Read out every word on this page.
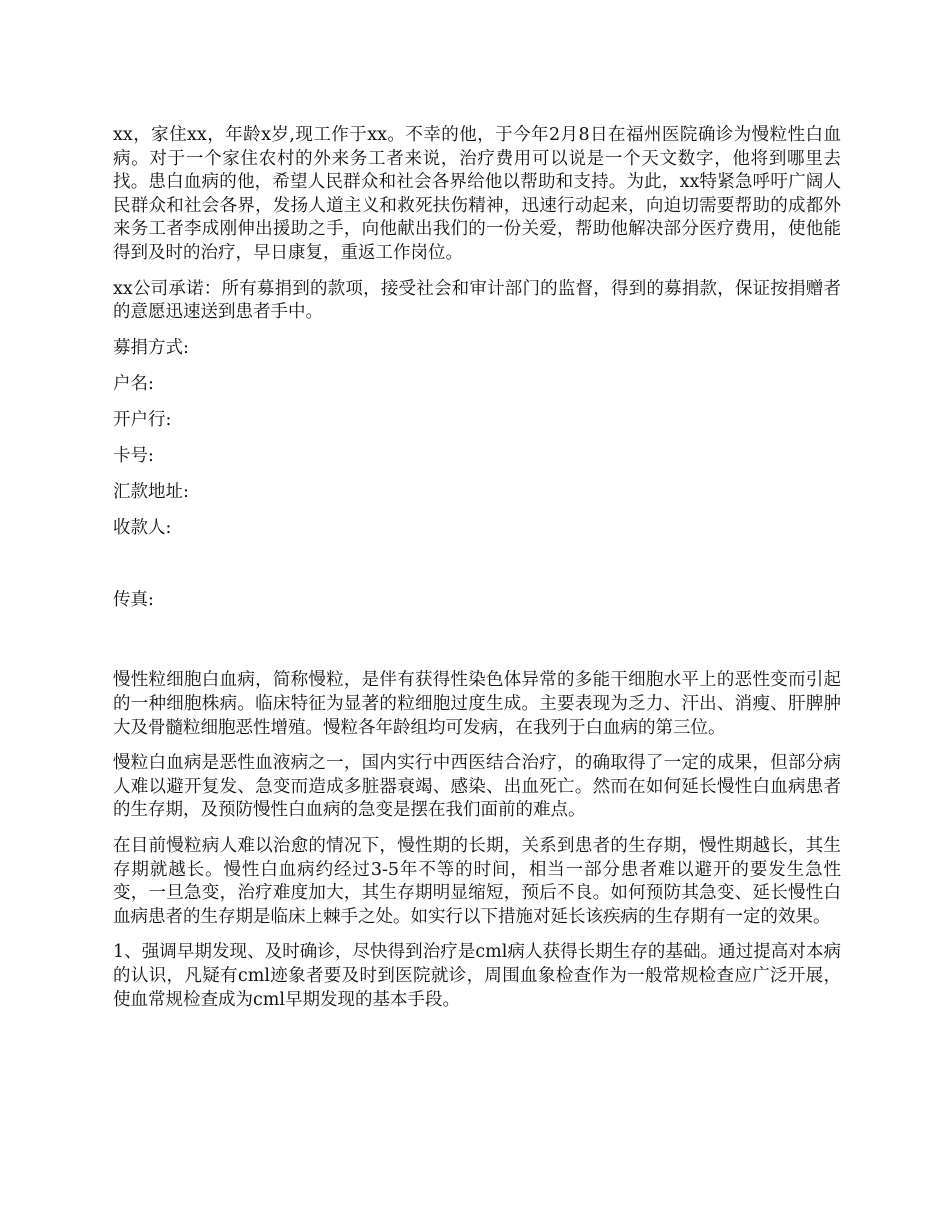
xx，家住xx，年龄x岁,现工作于xx。不幸的他，于今年2月8日在福州医院确诊为慢粒性白血病。对于一个家住农村的外来务工者来说，治疗费用可以说是一个天文数字，他将到哪里去找。患白血病的他，希望人民群众和社会各界给他以帮助和支持。为此，xx特紧急呼吁广阔人民群众和社会各界，发扬人道主义和救死扶伤精神，迅速行动起来，向迫切需要帮助的成都外来务工者李成刚伸出援助之手，向他献出我们的一份关爱，帮助他解决部分医疗费用，使他能得到及时的治疗，早日康复，重返工作岗位。

xx公司承诺：所有募捐到的款项，接受社会和审计部门的监督，得到的募捐款，保证按捐赠者的意愿迅速送到患者手中。

募捐方式:

户名:

开户行:

卡号:

汇款地址:

收款人:

传真:

慢性粒细胞白血病，简称慢粒，是伴有获得性染色体异常的多能干细胞水平上的恶性变而引起的一种细胞株病。临床特征为显著的粒细胞过度生成。主要表现为乏力、汗出、消瘦、肝脾肿大及骨髓粒细胞恶性增殖。慢粒各年龄组均可发病，在我列于白血病的第三位。

慢粒白血病是恶性血液病之一，国内实行中西医结合治疗，的确取得了一定的成果，但部分病人难以避开复发、急变而造成多脏器衰竭、感染、出血死亡。然而在如何延长慢性白血病患者的生存期，及预防慢性白血病的急变是摆在我们面前的难点。

在目前慢粒病人难以治愈的情况下，慢性期的长期，关系到患者的生存期，慢性期越长，其生存期就越长。慢性白血病约经过3-5年不等的时间，相当一部分患者难以避开的要发生急性变，一旦急变，治疗难度加大，其生存期明显缩短，预后不良。如何预防其急变、延长慢性白血病患者的生存期是临床上棘手之处。如实行以下措施对延长该疾病的生存期有一定的效果。

1、强调早期发现、及时确诊，尽快得到治疗是cml病人获得长期生存的基础。通过提高对本病的认识，凡疑有cml迹象者要及时到医院就诊，周围血象检查作为一般常规检查应广泛开展，使血常规检查成为cml早期发现的基本手段。
